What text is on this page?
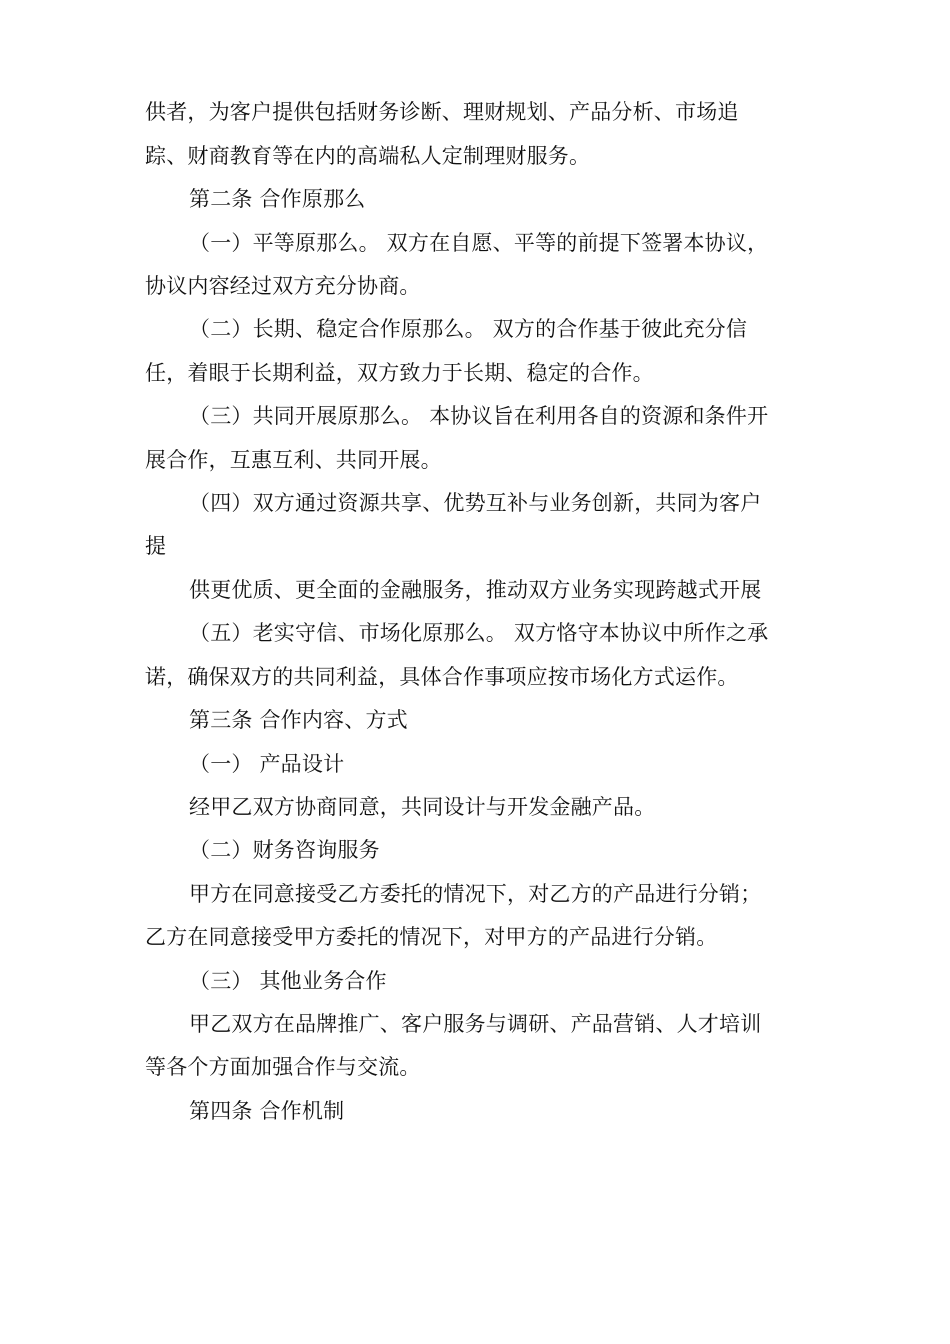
供者，为客户提供包括财务诊断、理财规划、产品分析、市场追
踪、财商教育等在内的高端私人定制理财服务。
第二条 合作原那么
（一）平等原那么。 双方在自愿、平等的前提下签署本协议，
协议内容经过双方充分协商。
（二）长期、稳定合作原那么。 双方的合作基于彼此充分信
任，着眼于长期利益，双方致力于长期、稳定的合作。
（三）共同开展原那么。 本协议旨在利用各自的资源和条件开
展合作，互惠互利、共同开展。
（四）双方通过资源共享、优势互补与业务创新，共同为客户
提
供更优质、更全面的金融服务，推动双方业务实现跨越式开展
（五）老实守信、市场化原那么。 双方恪守本协议中所作之承
诺，确保双方的共同利益，具体合作事项应按市场化方式运作。
第三条 合作内容、方式
（一） 产品设计
经甲乙双方协商同意，共同设计与开发金融产品。
（二）财务咨询服务
甲方在同意接受乙方委托的情况下，对乙方的产品进行分销；
乙方在同意接受甲方委托的情况下，对甲方的产品进行分销。
（三） 其他业务合作
甲乙双方在品牌推广、客户服务与调研、产品营销、人才培训
等各个方面加强合作与交流。
第四条 合作机制
